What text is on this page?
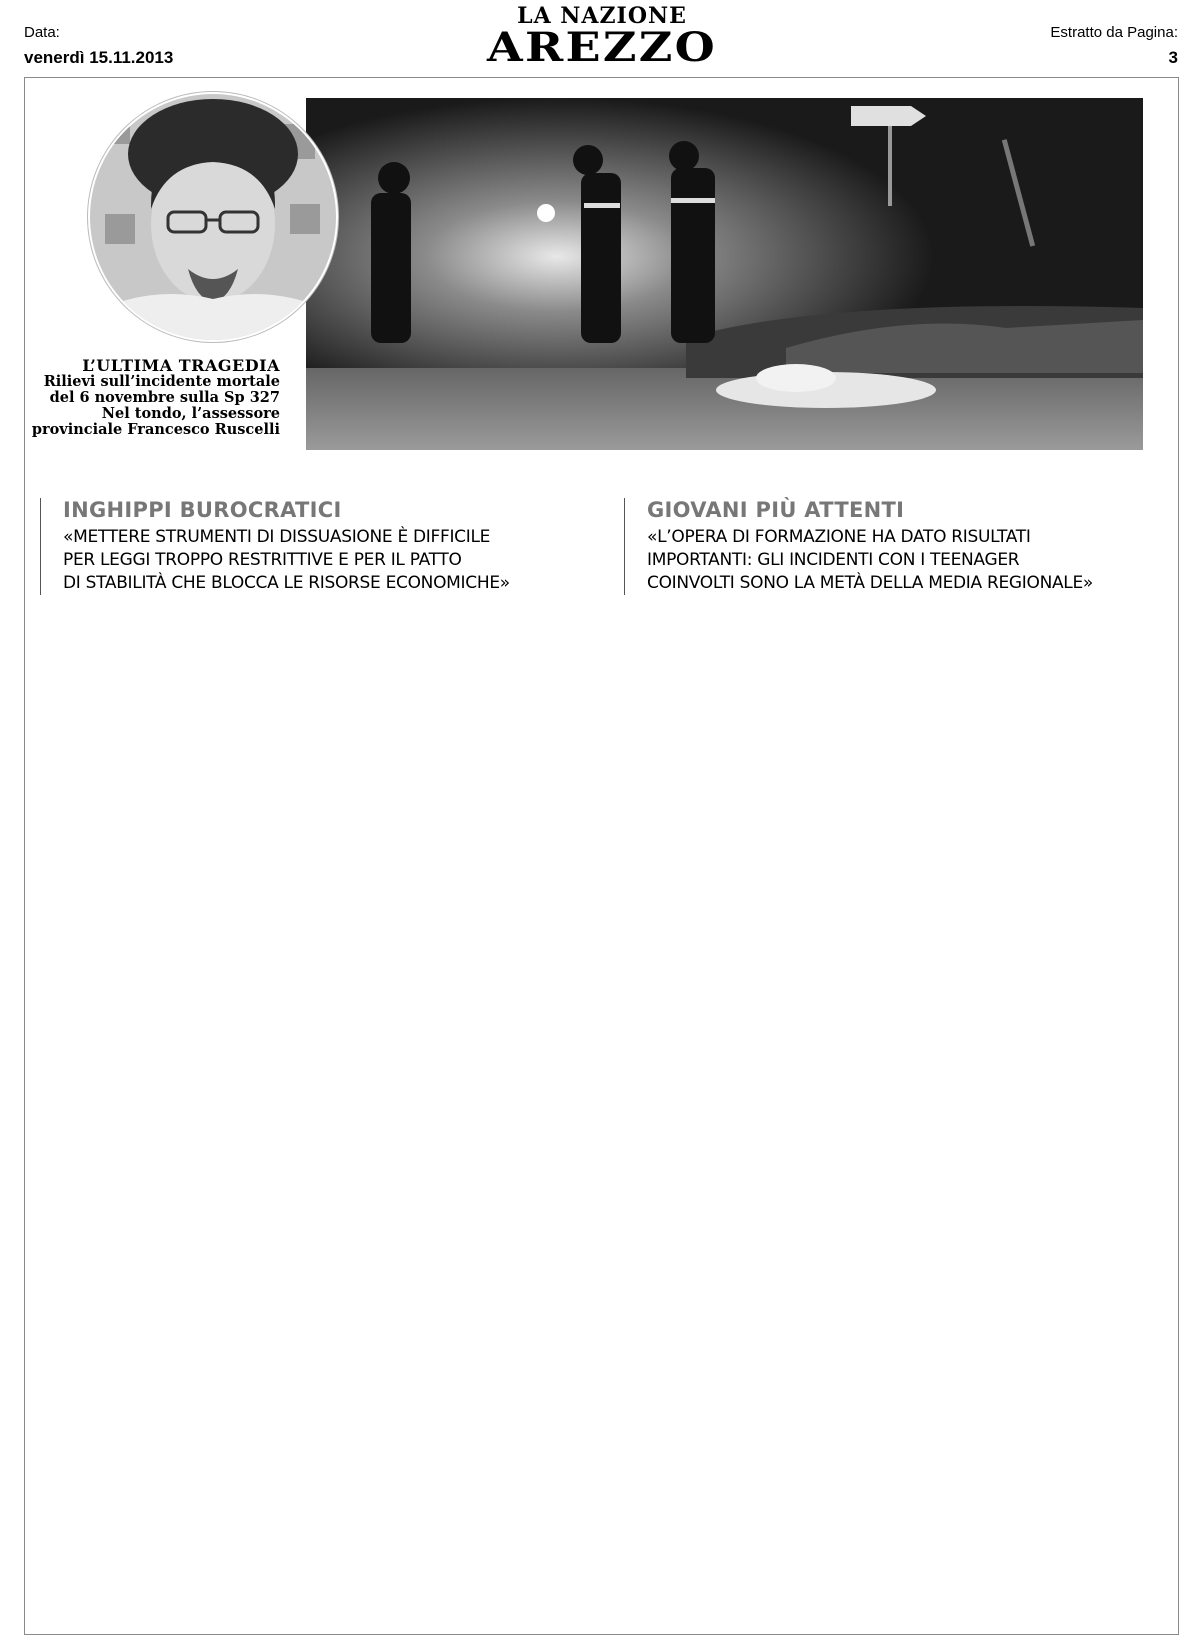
Data:
venerdì 15.11.2013
LA NAZIONE
AREZZO	Estratto da Pagina:
3
L’ULTIMA TRAGEDIA
Rilievi sull’incidente mortale
del 6 novembre sulla Sp 327
Nel tondo, l’assessore
provinciale Francesco Ruscelli
INGHIPPI BUROCRATICI
«METTERE STRUMENTI DI DISSUASIONE È DIFFICILE
PER LEGGI TROPPO RESTRITTIVE E PER IL PATTO
DI STABILITÀ CHE BLOCCA LE RISORSE ECONOMICHE»
GIOVANI PIÙ ATTENTI
«L’OPERA DI FORMAZIONE HA DATO RISULTATI
IMPORTANTI: GLI INCIDENTI CON I TEENAGER
COINVOLTI SONO LA METÀ DELLA MEDIA REGIONALE»
